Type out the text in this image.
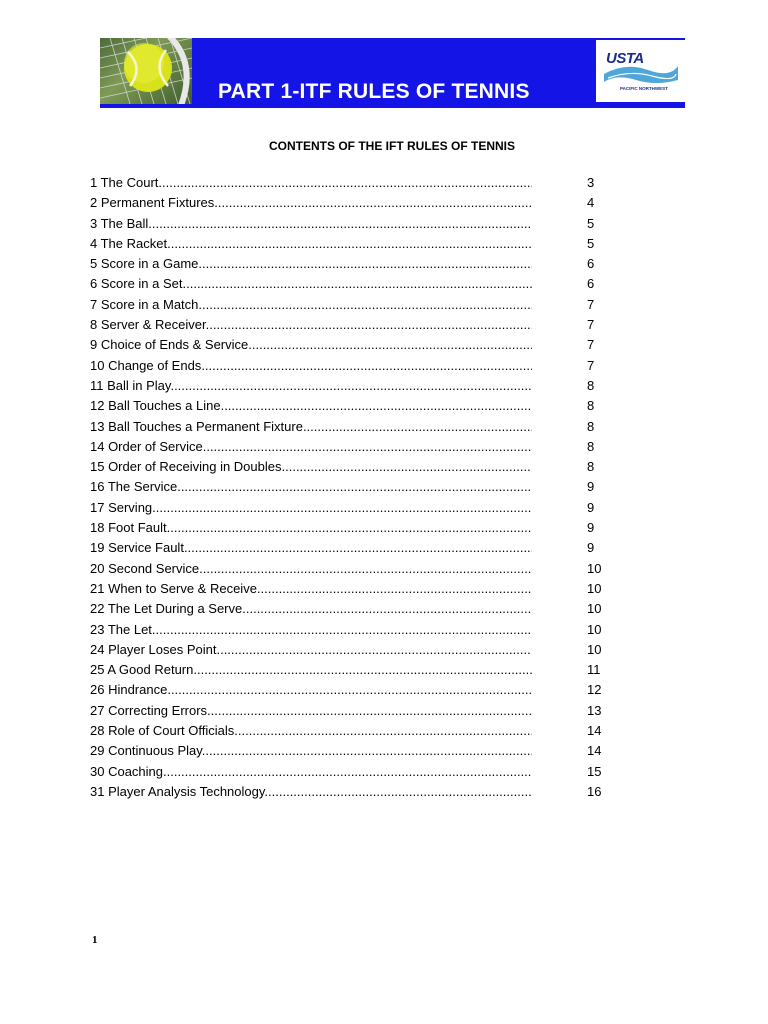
PART 1-ITF RULES OF TENNIS
USTA
PACIFIC NORTHWEST
CONTENTS OF THE IFT RULES OF TENNIS
1 The Court .....	3
2 Permanent Fixtures .....	4
3 The Ball .....	5
4 The Racket .....	5
5 Score in a Game .....	6
6 Score in a Set .....	6
7 Score in a Match .....	7
8 Server & Receiver .....	7
9 Choice of Ends & Service .....	7
10 Change of Ends .....	7
11 Ball in Play .....	8
12 Ball Touches a Line .....	8
13 Ball Touches a Permanent Fixture .....	8
14 Order of Service .....	8
15 Order of Receiving in Doubles .....	8
16 The Service .....	9
17 Serving .....	9
18 Foot Fault .....	9
19 Service Fault .....	9
20 Second Service .....	10
21 When to Serve & Receive .....	10
22 The Let During a Serve .....	10
23 The Let .....	10
24 Player Loses Point .....	10
25 A Good Return .....	11
26 Hindrance .....	12
27 Correcting Errors .....	13
28 Role of Court Officials .....	14
29 Continuous Play .....	14
30 Coaching .....	15
31 Player Analysis Technology .....	16
1
